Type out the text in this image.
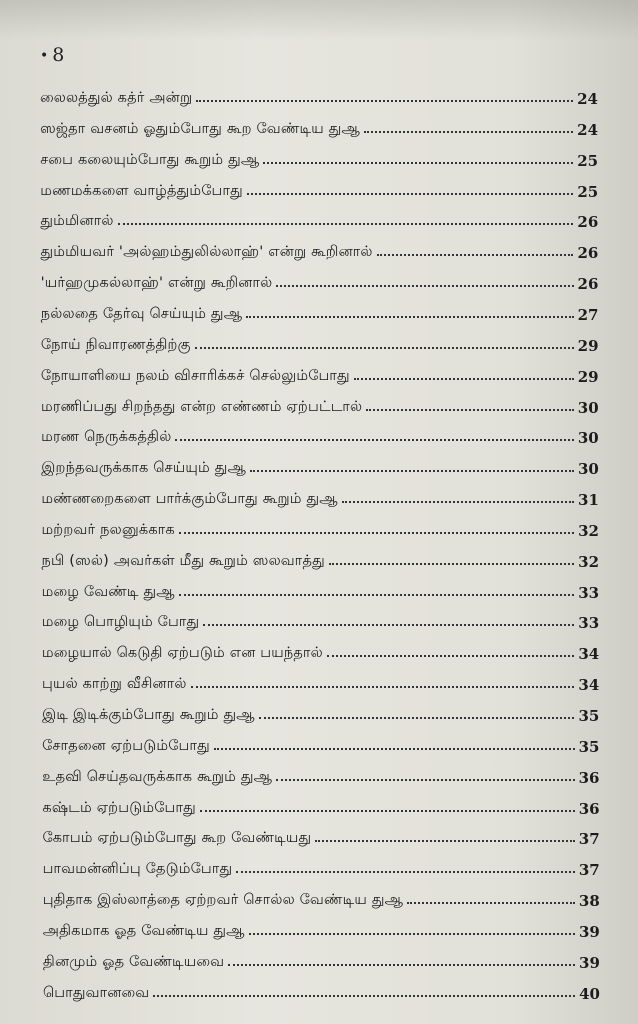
• 8
லைலத்துல் கத்ர் அன்று	24
ஸஜ்தா வசனம் ஓதும்போது கூற வேண்டிய துஆ	24
சபை கலையும்போது கூறும் துஆ	25
மணமக்களை வாழ்த்தும்போது	25
தும்மினால்	26
தும்மியவர் 'அல்ஹம்துலில்லாஹ்' என்று கூறினால்	26
'யர்ஹமுகல்லாஹ்' என்று கூறினால்	26
நல்லதை தேர்வு செய்யும் துஆ	27
நோய் நிவாரணத்திற்கு	29
நோயாளியை நலம் விசாரிக்கச் செல்லும்போது	29
மரணிப்பது சிறந்தது என்ற எண்ணம் ஏற்பட்டால்	30
மரண நெருக்கத்தில்	30
இறந்தவருக்காக செய்யும் துஆ	30
மண்ணறைகளை பார்க்கும்போது கூறும் துஆ	31
மற்றவர் நலனுக்காக	32
நபி (ஸல்) அவர்கள் மீது கூறும் ஸலவாத்து	32
மழை வேண்டி துஆ	33
மழை பொழியும் போது	33
மழையால் கெடுதி ஏற்படும் என பயந்தால்	34
புயல் காற்று வீசினால்	34
இடி இடிக்கும்போது கூறும் துஆ	35
சோதனை ஏற்படும்போது	35
உதவி செய்தவருக்காக கூறும் துஆ	36
கஷ்டம் ஏற்படும்போது	36
கோபம் ஏற்படும்போது கூற வேண்டியது	37
பாவமன்னிப்பு தேடும்போது	37
புதிதாக இஸ்லாத்தை ஏற்றவர் சொல்ல வேண்டிய துஆ	38
அதிகமாக ஓத வேண்டிய துஆ	39
தினமும் ஓத வேண்டியவை	39
பொதுவானவை	40
